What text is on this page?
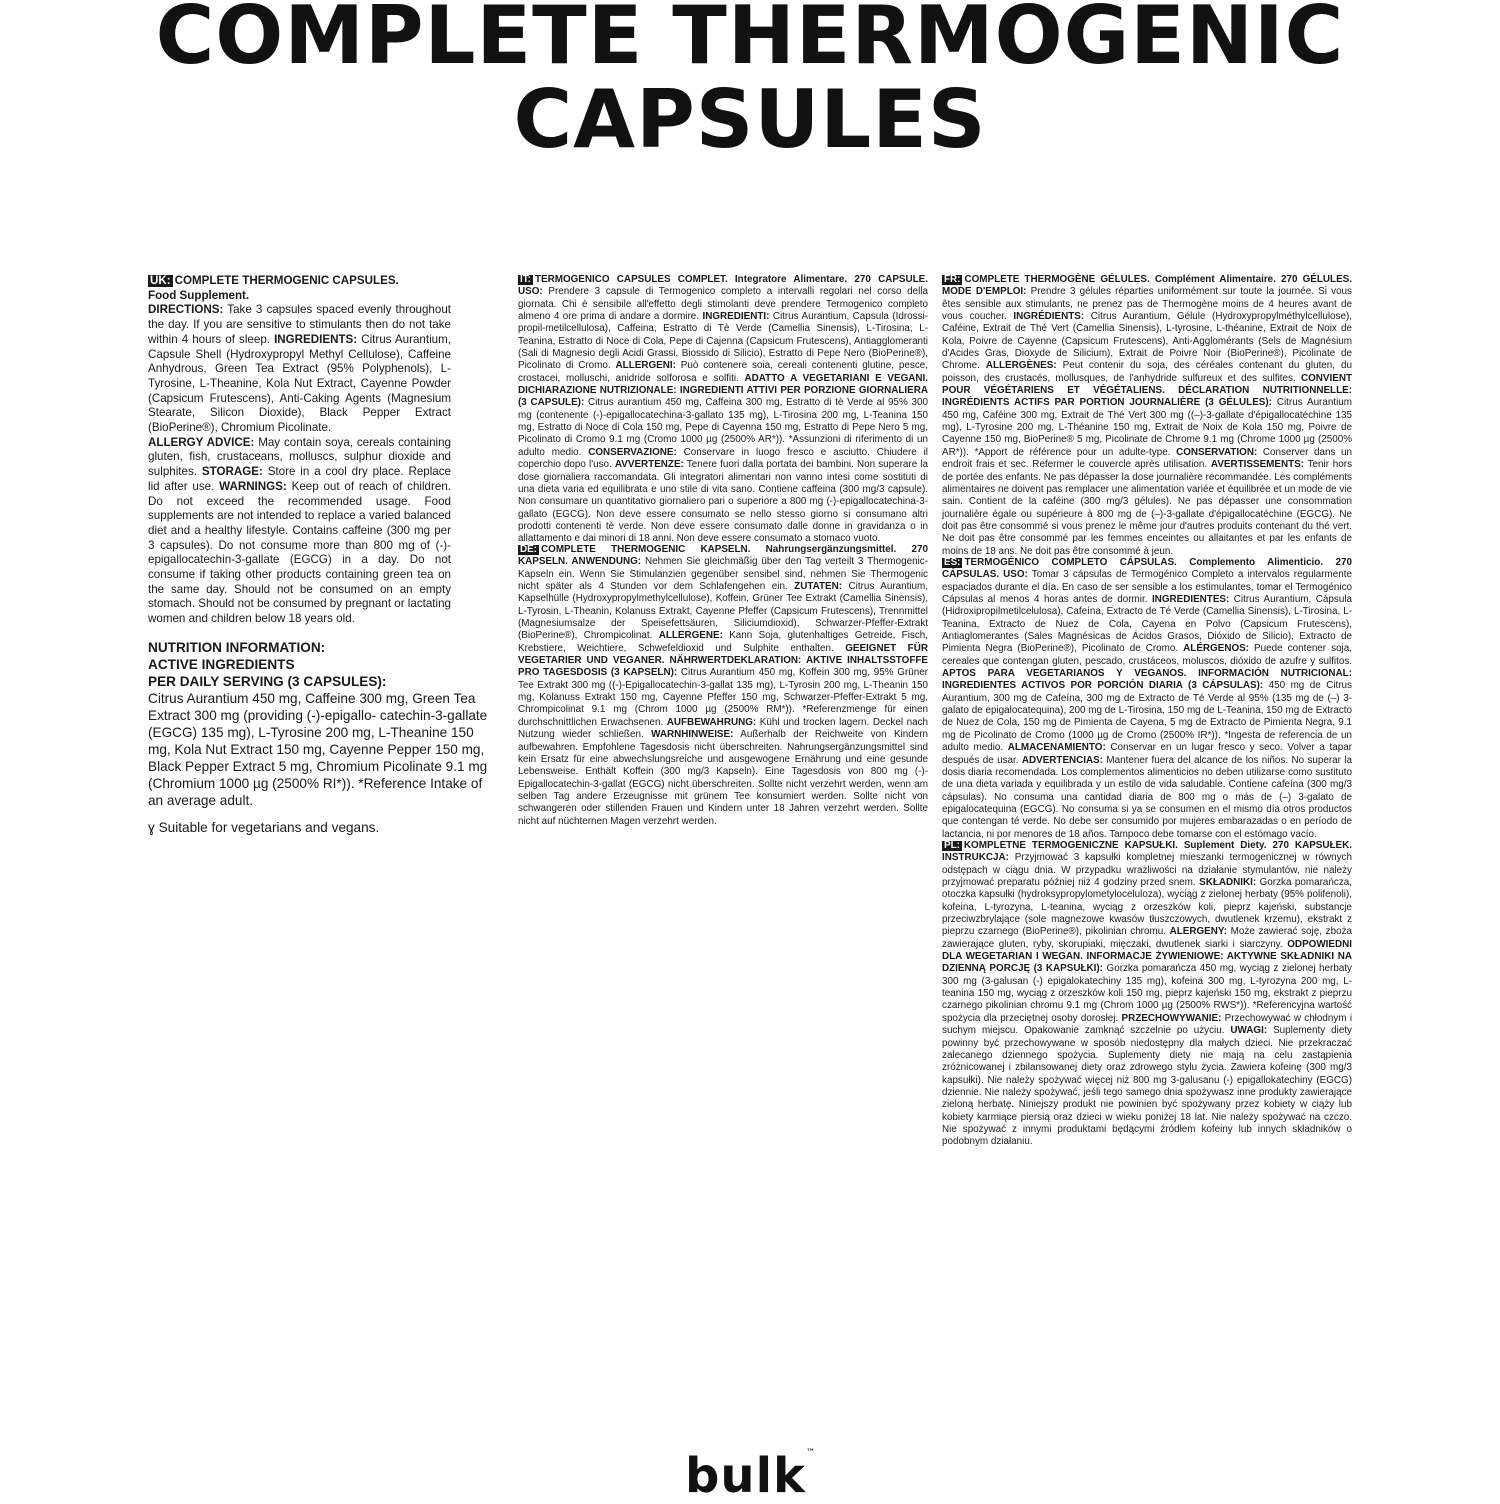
COMPLETE THERMOGENIC
CAPSULES

UK: COMPLETE THERMOGENIC CAPSULES.

Food Supplement.

DIRECTIONS: Take 3 capsules spaced evenly throughout the day. If you are sensitive to stimulants then do not take within 4 hours of sleep. INGREDIENTS: Citrus Aurantium, Capsule Shell (Hydroxypropyl Methyl Cellulose), Caffeine Anhydrous, Green Tea Extract (95% Polyphenols), L-Tyrosine, L-Theanine, Kola Nut Extract, Cayenne Powder (Capsicum Frutescens), Anti-Caking Agents (Magnesium Stearate, Silicon Dioxide), Black Pepper Extract (BioPerine®), Chromium Picolinate.
ALLERGY ADVICE: May contain soya, cereals containing gluten, fish, crustaceans, molluscs, sulphur dioxide and sulphites. STORAGE: Store in a cool dry place. Replace lid after use. WARNINGS: Keep out of reach of children. Do not exceed the recommended usage. Food supplements are not intended to replace a varied balanced diet and a healthy lifestyle. Contains caffeine (300 mg per 3 capsules). Do not consume more than 800 mg of (-)-epigallocatechin-3-gallate (EGCG) in a day. Do not consume if taking other products containing green tea on the same day. Should not be consumed on an empty stomach. Should not be consumed by pregnant or lactating women and children below 18 years old.

NUTRITION INFORMATION:
ACTIVE INGREDIENTS
PER DAILY SERVING (3 CAPSULES):
Citrus Aurantium 450 mg, Caffeine 300 mg, Green Tea Extract 300 mg (providing (-)-epigallo- catechin-3-gallate (EGCG) 135 mg), L-Tyrosine 200 mg, L-Theanine 150 mg, Kola Nut Extract 150 mg, Cayenne Pepper 150 mg, Black Pepper Extract 5 mg, Chromium Picolinate 9.1 mg (Chromium 1000 µg (2500% RI*)). *Reference Intake of an average adult.
ɣ Suitable for vegetarians and vegans.
IT: TERMOGENICO CAPSULES COMPLET. Integratore Alimentare. 270 CAPSULE. USO: Prendere 3 capsule di Termogenico completo a intervalli regolari nel corso della giornata. Chi è sensibile all'effetto degli stimolanti deve prendere Termogenico completo almeno 4 ore prima di andare a dormire. INGREDIENTI: Citrus Aurantium, Capsula (Idrossi-propil-metilcellulosa), Caffeina, Estratto di Tè Verde (Camellia Sinensis), L-Tirosina, L-Teanina, Estratto di Noce di Cola, Pepe di Cajenna (Capsicum Frutescens), Antiagglomeranti (Sali di Magnesio degli Acidi Grassi, Biossido di Silicio), Estratto di Pepe Nero (BioPerine®), Picolinato di Cromo. ALLERGENI: Può contenere soia, cereali contenenti glutine, pesce, crostacei, molluschi, anidride solforosa e solfiti. ADATTO A VEGETARIANI E VEGANI. DICHIARAZIONE NUTRIZIONALE: INGREDIENTI ATTIVI PER PORZIONE GIORNALIERA (3 CAPSULE): Citrus aurantium 450 mg, Caffeina 300 mg, Estratto di tè Verde al 95% 300 mg (contenente (-)-epigallocatechina-3-gallato 135 mg), L-Tirosina 200 mg, L-Teanina 150 mg, Estratto di Noce di Cola 150 mg, Pepe di Cayenna 150 mg, Estratto di Pepe Nero 5 mg, Picolinato di Cromo 9.1 mg (Cromo 1000 µg (2500% AR*)). *Assunzioni di riferimento di un adulto medio. CONSERVAZIONE: Conservare in luogo fresco e asciutto. Chiudere il coperchio dopo l'uso. AVVERTENZE: Tenere fuori dalla portata dei bambini. Non superare la dose giornaliera raccomandata. Gli integratori alimentari non vanno intesi come sostituti di una dieta varia ed equilibrata e uno stile di vita sano. Contiene caffeina (300 mg/3 capsule). Non consumare un quantitativo giornaliero pari o superiore a 800 mg (-)-epigallocatechina-3-gallato (EGCG). Non deve essere consumato se nello stesso giorno si consumano altri prodotti contenenti tè verde. Non deve essere consumato dalle donne in gravidanza o in allattamento e dai minori di 18 anni. Non deve essere consumato a stomaco vuoto.
DE: COMPLETE THERMOGENIC KAPSELN. Nahrungsergänzungsmittel. 270 KAPSELN. ANWENDUNG: Nehmen Sie gleichmäßig über den Tag verteilt 3 Thermogenic-Kapseln ein. Wenn Sie Stimulanzien gegenüber sensibel sind, nehmen Sie Thermogenic nicht später als 4 Stunden vor dem Schlafengehen ein. ZUTATEN: Citrus Aurantium, Kapselhülle (Hydroxypropylmethylcellulose), Koffein, Grüner Tee Extrakt (Camellia Sinensis), L-Tyrosin, L-Theanin, Kolanuss Extrakt, Cayenne Pfeffer (Capsicum Frutescens), Trennmittel (Magnesiumsalze der Speisefettsäuren, Siliciumdioxid), Schwarzer-Pfeffer-Extrakt (BioPerine®), Chrompicolinat. ALLERGENE: Kann Soja, glutenhaltiges Getreide, Fisch, Krebstiere, Weichtiere, Schwefeldioxid und Sulphite enthalten. GEEIGNET FÜR VEGETARIER UND VEGANER. NÄHRWERTDEKLARATION: AKTIVE INHALTSSTOFFE PRO TAGESDOSIS (3 KAPSELN): Citrus Aurantium 450 mg, Koffein 300 mg, 95% Grüner Tee Extrakt 300 mg ((-)-Epigallocatechin-3-gallat 135 mg), L-Tyrosin 200 mg, L-Theanin 150 mg, Kolanuss Extrakt 150 mg, Cayenne Pfeffer 150 mg, Schwarzer-Pfeffer-Extrakt 5 mg, Chrompicolinat 9.1 mg (Chrom 1000 µg (2500% RM*)). *Referenzmenge für einen durchschnittlichen Erwachsenen. AUFBEWAHRUNG: Kühl und trocken lagern. Deckel nach Nutzung wieder schließen. WARNHINWEISE: Außerhalb der Reichweite von Kindern aufbewahren. Empfohlene Tagesdosis nicht überschreiten. Nahrungsergänzungsmittel sind kein Ersatz für eine abwechslungsreiche und ausgewogene Ernährung und eine gesunde Lebensweise. Enthält Koffein (300 mg/3 Kapseln). Eine Tagesdosis von 800 mg (-)-Epigallocatechin-3-gallat (EGCG) nicht überschreiten. Sollte nicht verzehrt werden, wenn am selben Tag andere Erzeugnisse mit grünem Tee konsumiert werden. Sollte nicht von schwangeren oder stillenden Frauen und Kindern unter 18 Jahren verzehrt werden. Sollte nicht auf nüchternen Magen verzehrt werden.
FR: COMPLETE THERMOGÈNE GÉLULES. Complément Alimentaire. 270 GÉLULES. MODE D'EMPLOI: Prendre 3 gélules réparties uniformément sur toute la journée. Si vous êtes sensible aux stimulants, ne prenez pas de Thermogène moins de 4 heures avant de vous coucher. INGRÉDIENTS: Citrus Aurantium, Gélule (Hydroxypropylméthylcellulose), Caféine, Extrait de Thé Vert (Camellia Sinensis), L-tyrosine, L-théanine, Extrait de Noix de Kola, Poivre de Cayenne (Capsicum Frutescens), Anti-Agglomérants (Sels de Magnésium d'Acides Gras, Dioxyde de Silicium), Extrait de Poivre Noir (BioPerine®), Picolinate de Chrome. ALLERGÈNES: Peut contenir du soja, des céréales contenant du gluten, du poisson, des crustacés, mollusques, de l'anhydride sulfureux et des sulfites. CONVIENT POUR VÉGÉTARIENS ET VÉGÉTALIENS. DÉCLARATION NUTRITIONNELLE: INGRÉDIENTS ACTIFS PAR PORTION JOURNALIÈRE (3 GÉLULES): Citrus Aurantium 450 mg, Caféine 300 mg, Extrait de Thé Vert 300 mg ((–)-3-gallate d'épigallocatéchine 135 mg), L-Tyrosine 200 mg, L-Théanine 150 mg, Extrait de Noix de Kola 150 mg, Poivre de Cayenne 150 mg, BioPerine® 5 mg, Picolinate de Chrome 9.1 mg (Chrome 1000 µg (2500% AR*)). *Apport de référence pour un adulte-type. CONSERVATION: Conserver dans un endroit frais et sec. Refermer le couvercle après utilisation. AVERTISSEMENTS: Tenir hors de portée des enfants. Ne pas dépasser la dose journalière recommandée. Les compléments alimentaires ne doivent pas remplacer une alimentation variée et équilibrée et un mode de vie sain. Contient de la caféine (300 mg/3 gélules). Ne pas dépasser une consommation journalière égale ou supérieure à 800 mg de (–)-3-gallate d'épigallocatéchine (EGCG). Ne doit pas être consommé si vous prenez le même jour d'autres produits contenant du thé vert. Ne doit pas être consommé par les femmes enceintes ou allaitantes et par les enfants de moins de 18 ans. Ne doit pas être consommé à jeun.
ES: TERMOGÉNICO COMPLETO CÁPSULAS. Complemento Alimenticio. 270 CÁPSULAS. USO: Tomar 3 cápsulas de Termogénico Completo a intervalos regularmente espaciados durante el día. En caso de ser sensible a los estimulantes, tomar el Termogénico Cápsulas al menos 4 horas antes de dormir. INGREDIENTES: Citrus Aurantium, Cápsula (Hidroxipropilmetilcelulosa), Cafeína, Extracto de Té Verde (Camellia Sinensis), L-Tirosina, L-Teanina, Extracto de Nuez de Cola, Cayena en Polvo (Capsicum Frutescens), Antiaglomerantes (Sales Magnésicas de Ácidos Grasos, Dióxido de Silicio), Extracto de Pimienta Negra (BioPerine®), Picolinato de Cromo. ALÉRGENOS: Puede contener soja, cereales que contengan gluten, pescado, crustáceos, moluscos, dióxido de azufre y sulfitos. APTOS PARA VEGETARIANOS Y VEGANOS. INFORMACIÓN NUTRICIONAL: INGREDIENTES ACTIVOS POR PORCIÓN DIARIA (3 CÁPSULAS): 450 mg de Citrus Aurantium, 300 mg de Cafeína, 300 mg de Extracto de Té Verde al 95% (135 mg de (–) 3-galato de epigalocatequina), 200 mg de L-Tirosina, 150 mg de L-Teanina, 150 mg de Extracto de Nuez de Cola, 150 mg de Pimienta de Cayena, 5 mg de Extracto de Pimienta Negra, 9.1 mg de Picolinato de Cromo (1000 µg de Cromo (2500% IR*)). *Ingesta de referencia de un adulto medio. ALMACENAMIENTO: Conservar en un lugar fresco y seco. Volver a tapar después de usar. ADVERTENCIAS: Mantener fuera del alcance de los niños. No superar la dosis diaria recomendada. Los complementos alimenticios no deben utilizarse como sustituto de una dieta variada y equilibrada y un estilo de vida saludable. Contiene cafeína (300 mg/3 cápsulas). No consuma una cantidad diaria de 800 mg o más de (–) 3-galato de epigalocatequina (EGCG). No consuma si ya se consumen en el mismo día otros productos que contengan té verde. No debe ser consumido por mujeres embarazadas o en período de lactancia, ni por menores de 18 años. Tampoco debe tomarse con el estómago vacío.
PL: KOMPLETNE TERMOGENICZNE KAPSUŁKI. Suplement Diety. 270 KAPSUŁEK. INSTRUKCJA: Przyjmować 3 kapsułki kompletnej mieszanki termogenicznej w równych odstępach w ciągu dnia. W przypadku wrażliwości na działanie stymulantów, nie należy przyjmować preparatu później niż 4 godziny przed snem. SKŁADNIKI: Gorzka pomarańcza, otoczka kapsułki (hydroksypropylometyloceluloza), wyciąg z zielonej herbaty (95% polifenoli), kofeina, L-tyrozyna, L-teanina, wyciąg z orzeszków koli, pieprz kajeński, substancje przeciwzbrylające (sole magnezowe kwasów tłuszczowych, dwutlenek krzemu), ekstrakt z pieprzu czarnego (BioPerine®), pikolinian chromu. ALERGENY: Może zawierać soję, zboża zawierające gluten, ryby, skorupiaki, mięczaki, dwutlenek siarki i siarczyny. ODPOWIEDNI DLA WEGETARIAN I WEGAN. INFORMACJE ŻYWIENIOWE: AKTYWNE SKŁADNIKI NA DZIENNĄ PORCJĘ (3 KAPSUŁKI): Gorzka pomarańcza 450 mg, wyciąg z zielonej herbaty 300 mg (3-galusan (-) epigalokatechiny 135 mg), kofeina 300 mg, L-tyrozyna 200 mg, L-teanina 150 mg, wyciąg z orzeszków koli 150 mg, pieprz kajeński 150 mg, ekstrakt z pieprzu czarnego pikolinian chromu 9.1 mg (Chrom 1000 µg (2500% RWS*)). *Referencyjna wartość spożycia dla przeciętnej osoby dorosłej. PRZECHOWYWANIE: Przechowywać w chłodnym i suchym miejscu. Opakowanie zamknąć szczelnie po użyciu. UWAGI: Suplementy diety powinny być przechowywane w sposób niedostępny dla małych dzieci. Nie przekraczać zalecanego dziennego spożycia. Suplementy diety nie mają na celu zastąpienia zróżnicowanej i zbilansowanej diety oraz zdrowego stylu życia. Zawiera kofeinę (300 mg/3 kapsułki). Nie należy spożywać więcej niż 800 mg 3-galusanu (-) epigallokatechiny (EGCG) dziennie. Nie należy spożywać, jeśli tego samego dnia spożywasz inne produkty zawierające zieloną herbatę. Niniejszy produkt nie powinien być spożywany przez kobiety w ciąży lub kobiety karmiące piersią oraz dzieci w wieku poniżej 18 lat. Nie należy spożywać na czczo. Nie spożywać z innymi produktami będącymi źródłem kofeiny lub innych składników o podobnym działaniu.
bulk™
